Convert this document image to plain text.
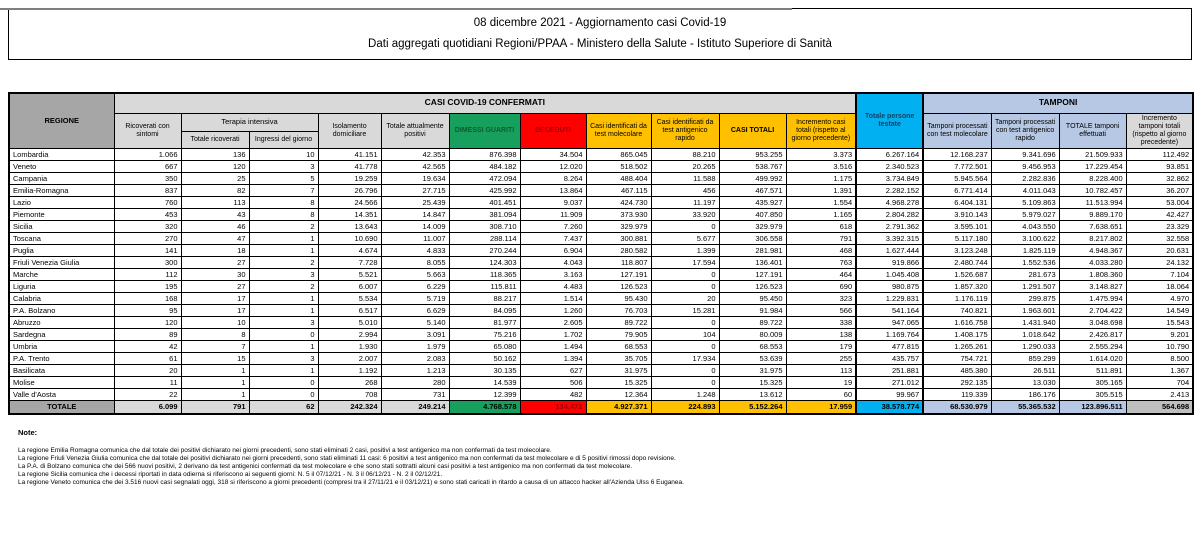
08 dicembre 2021 - Aggiornamento casi Covid-19
Dati aggregati quotidiani Regioni/PPAA - Ministero della Salute - Istituto Superiore di Sanità
REGIONE	CASI COVID-19 CONFERMATI											Totale persone testate	TAMPONI			
	Ricoverati con sintomi	Terapia intensiva		Isolamento domiciliare	Totale attualmente positivi	DIMESSI GUARITI	DECEDUTI	Casi identificati da test molecolare	Casi identificati da test antigenico rapido	CASI TOTALI	Incremento casi totali (rispetto al giorno precedente)		Tamponi processati con test molecolare	Tamponi processati con test antigenico rapido	TOTALE tamponi effettuati	Incremento tamponi totali (rispetto al giorno precedente)
		Totale ricoverati	Ingressi del giorno													
Lombardia	1.066	136	10	41.151	42.353	876.398	34.504	865.045	88.210	953.255	3.373	6.267.164	12.168.237	9.341.696	21.509.933	112.492
Veneto	667	120	3	41.778	42.565	484.182	12.020	518.502	20.265	538.767	3.516	2.340.523	7.772.501	9.456.953	17.229.454	93.851
Campania	350	25	5	19.259	19.634	472.094	8.264	488.404	11.588	499.992	1.175	3.734.849	5.945.564	2.282.836	8.228.400	32.862
Emilia-Romagna	837	82	7	26.796	27.715	425.992	13.864	467.115	456	467.571	1.391	2.282.152	6.771.414	4.011.043	10.782.457	36.207
Lazio	760	113	8	24.566	25.439	401.451	9.037	424.730	11.197	435.927	1.554	4.968.278	6.404.131	5.109.863	11.513.994	53.004
Piemonte	453	43	8	14.351	14.847	381.094	11.909	373.930	33.920	407.850	1.165	2.804.282	3.910.143	5.979.027	9.889.170	42.427
Sicilia	320	46	2	13.643	14.009	308.710	7.260	329.979	0	329.979	618	2.791.362	3.595.101	4.043.550	7.638.651	23.329
Toscana	270	47	1	10.690	11.007	288.114	7.437	300.881	5.677	306.558	791	3.392.315	5.117.180	3.100.622	8.217.802	32.558
Puglia	141	18	1	4.674	4.833	270.244	6.904	280.582	1.399	281.981	468	1.627.444	3.123.248	1.825.119	4.948.367	20.631
Friuli Venezia Giulia	300	27	2	7.728	8.055	124.303	4.043	118.807	17.594	136.401	763	919.866	2.480.744	1.552.536	4.033.280	24.132
Marche	112	30	3	5.521	5.663	118.365	3.163	127.191	0	127.191	464	1.045.408	1.526.687	281.673	1.808.360	7.104
Liguria	195	27	2	6.007	6.229	115.811	4.483	126.523	0	126.523	690	980.875	1.857.320	1.291.507	3.148.827	18.064
Calabria	168	17	1	5.534	5.719	88.217	1.514	95.430	20	95.450	323	1.229.831	1.176.119	299.875	1.475.994	4.970
P.A. Bolzano	95	17	1	6.517	6.629	84.095	1.260	76.703	15.281	91.984	566	541.164	740.821	1.963.601	2.704.422	14.549
Abruzzo	120	10	3	5.010	5.140	81.977	2.605	89.722	0	89.722	338	947.065	1.616.758	1.431.940	3.048.698	15.543
Sardegna	89	8	0	2.994	3.091	75.216	1.702	79.905	104	80.009	138	1.169.764	1.408.175	1.018.642	2.426.817	9.201
Umbria	42	7	1	1.930	1.979	65.080	1.494	68.553	0	68.553	179	477.815	1.265.261	1.290.033	2.555.294	10.790
P.A. Trento	61	15	3	2.007	2.083	50.162	1.394	35.705	17.934	53.639	255	435.757	754.721	859.299	1.614.020	8.500
Basilicata	20	1	1	1.192	1.213	30.135	627	31.975	0	31.975	113	251.881	485.380	26.511	511.891	1.367
Molise	11	1	0	268	280	14.539	506	15.325	0	15.325	19	271.012	292.135	13.030	305.165	704
Valle d'Aosta	22	1	0	708	731	12.399	482	12.364	1.248	13.612	60	99.967	119.339	186.176	305.515	2.413
TOTALE	6.099	791	62	242.324	249.214	4.768.578	134.472	4.927.371	224.893	5.152.264	17.959	38.578.774	68.530.979	55.365.532	123.896.511	564.698
Note:
La regione Emilia Romagna comunica che dal totale dei positivi dichiarato nei giorni precedenti, sono stati eliminati 2 casi, positivi a test antigenico ma non confermati da test molecolare.
La regione Friuli Venezia Giulia comunica che dal totale dei positivi dichiarato nei giorni precedenti, sono stati eliminati 11 casi: 6 positivi a test antigenico ma non confermati da test molecolare e di 5 positivi rimossi dopo revisione.
La P.A. di Bolzano comunica che dei 566 nuovi positivi, 2 derivano da test antigenici confermati da test molecolare e che sono stati sottratti alcuni casi positivi a test antigenico ma non confermati da test molecolare.
La regione Sicilia comunica che i decessi riportati in data odierna si riferiscono ai seguenti giorni: N. 5 il 07/12/21 - N. 3 il 06/12/21 - N. 2 il 02/12/21.
La regione Veneto comunica che dei 3.516 nuovi casi segnalati oggi, 318 si riferiscono a giorni precedenti (compresi tra il 27/11/21 e il 03/12/21) e sono stati caricati in ritardo a causa di un attacco hacker all'Azienda Ulss 6 Euganea.
